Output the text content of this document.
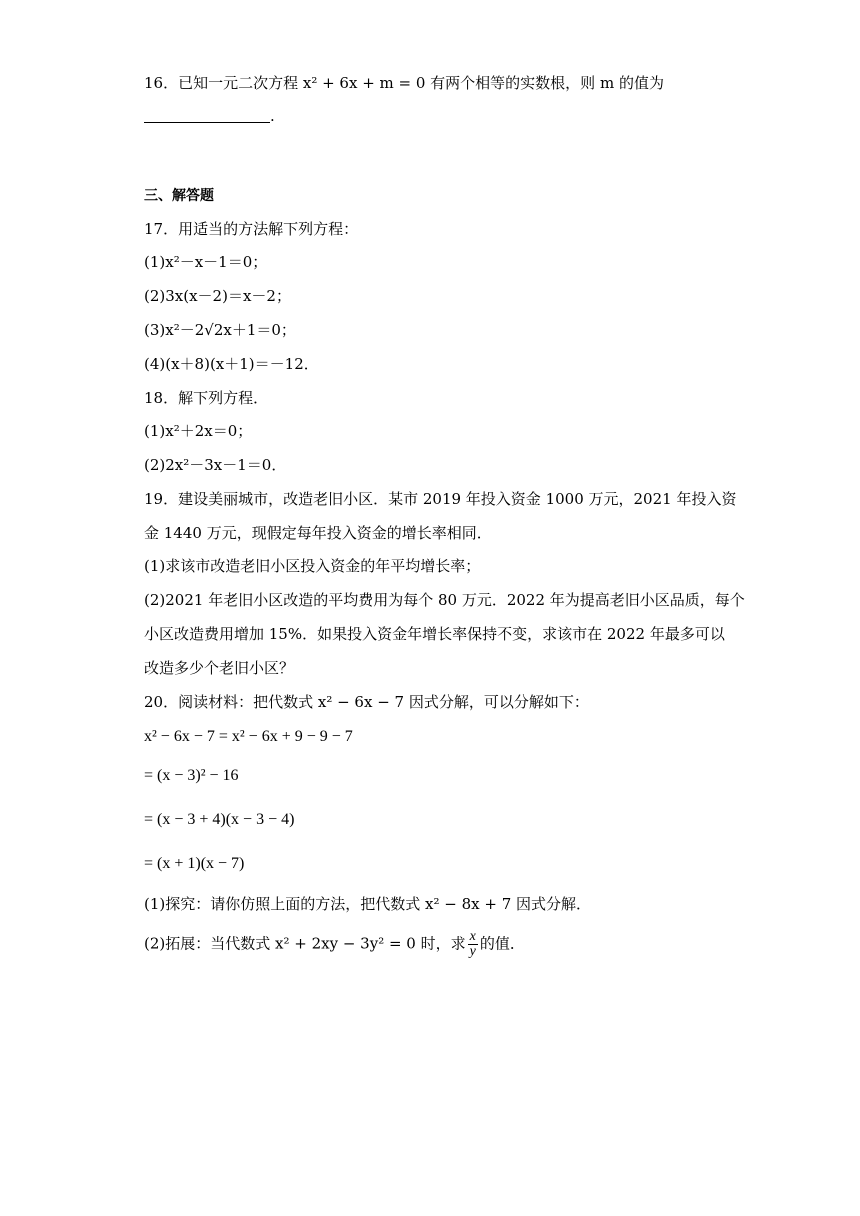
16．已知一元二次方程 x² + 6x + m = 0 有两个相等的实数根，则 m 的值为
.
三、解答题
17．用适当的方法解下列方程：
(1)x²－x－1＝0；
(2)3x(x－2)＝x－2；
(3)x²－2√2x＋1＝0；
(4)(x＋8)(x＋1)＝－12．
18．解下列方程．
(1)x²＋2x＝0；
(2)2x²－3x－1＝0．
19．建设美丽城市，改造老旧小区．某市 2019 年投入资金 1000 万元，2021 年投入资
金 1440 万元，现假定每年投入资金的增长率相同．
(1)求该市改造老旧小区投入资金的年平均增长率；
(2)2021 年老旧小区改造的平均费用为每个 80 万元．2022 年为提高老旧小区品质，每个
小区改造费用增加 15%．如果投入资金年增长率保持不变，求该市在 2022 年最多可以
改造多少个老旧小区？
20．阅读材料：把代数式 x² − 6x − 7 因式分解，可以分解如下：
x² − 6x − 7 = x² − 6x + 9 − 9 − 7
= (x − 3)² − 16
= (x − 3 + 4)(x − 3 − 4)
= (x + 1)(x − 7)
(1)探究：请你仿照上面的方法，把代数式 x² − 8x + 7 因式分解．
(2)拓展：当代数式 x² + 2xy − 3y² = 0 时，求 $\frac{x}{y}$ 的值．
